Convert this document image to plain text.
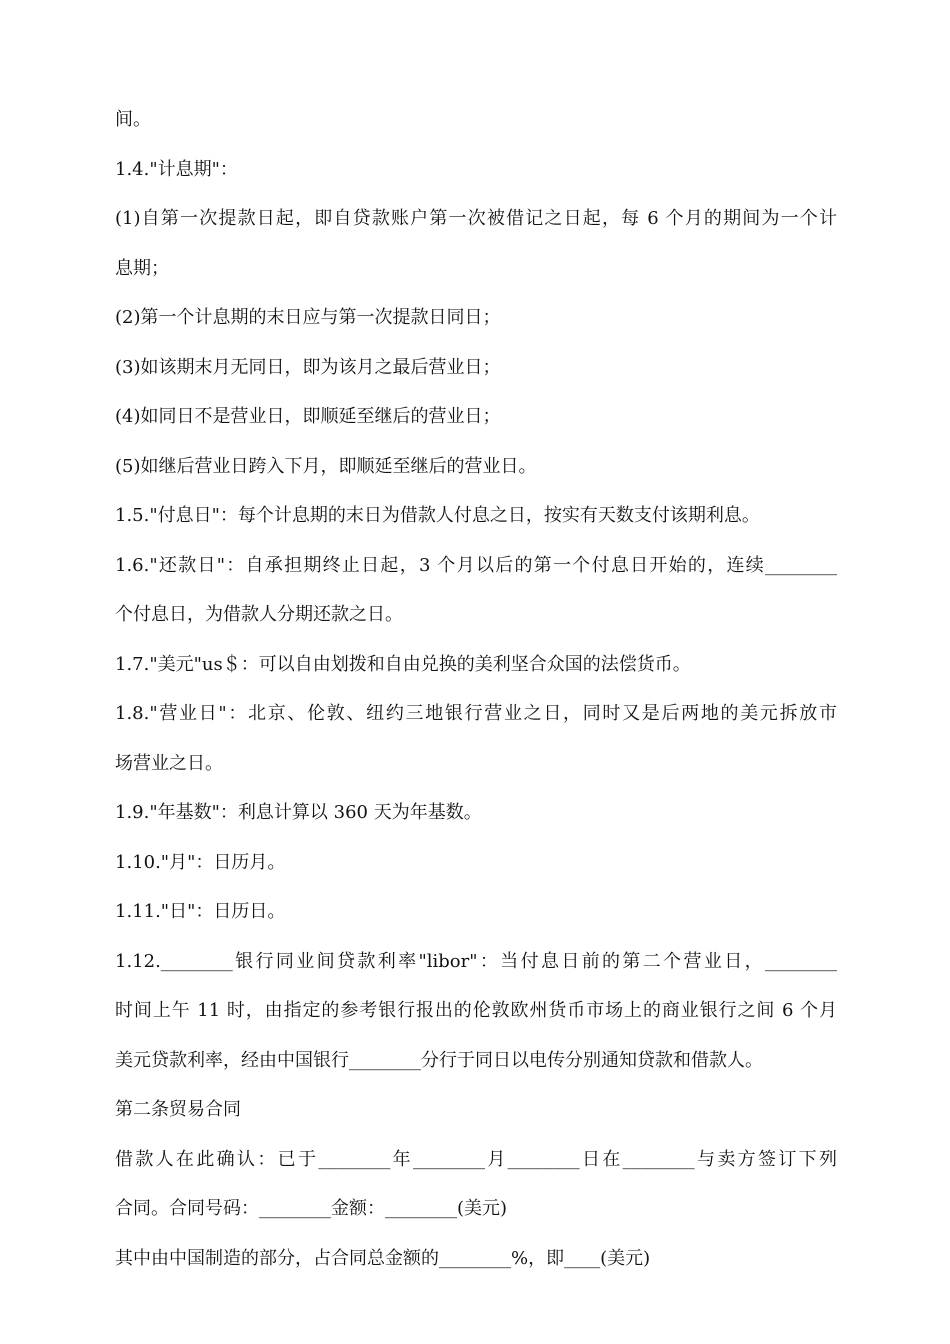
间。
1.4."计息期"：
(1)自第一次提款日起，即自贷款账户第一次被借记之日起，每 6 个月的期间为一个计
息期；
(2)第一个计息期的末日应与第一次提款日同日；
(3)如该期末月无同日，即为该月之最后营业日；
(4)如同日不是营业日，即顺延至继后的营业日；
(5)如继后营业日跨入下月，即顺延至继后的营业日。
1.5."付息日"：每个计息期的末日为借款人付息之日，按实有天数支付该期利息。
1.6."还款日"：自承担期终止日起，3 个月以后的第一个付息日开始的，连续________
个付息日，为借款人分期还款之日。
1.7."美元"us＄：可以自由划拨和自由兑换的美利坚合众国的法偿货币。
1.8."营业日"：北京、伦敦、纽约三地银行营业之日，同时又是后两地的美元拆放市
场营业之日。
1.9."年基数"：利息计算以 360 天为年基数。
1.10."月"：日历月。
1.11."日"：日历日。
1.12.________银行同业间贷款利率"libor"：当付息日前的第二个营业日，________
时间上午 11 时，由指定的参考银行报出的伦敦欧州货币市场上的商业银行之间 6 个月
美元贷款利率，经由中国银行________分行于同日以电传分别通知贷款和借款人。
第二条贸易合同
借款人在此确认：已于________年________月________日在________与卖方签订下列
合同。合同号码：________金额：________(美元)
其中由中国制造的部分，占合同总金额的________%，即____(美元)
